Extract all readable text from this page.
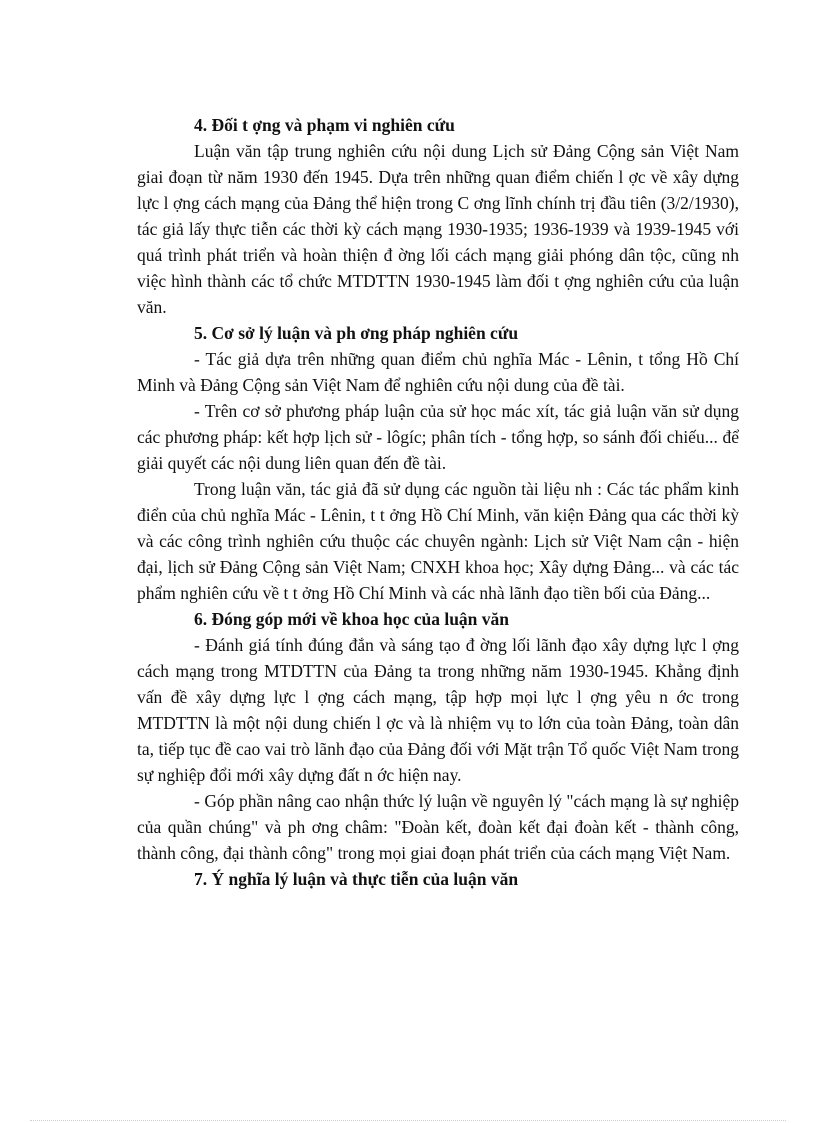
4. Đối t ợng và phạm vi nghiên cứu

Luận văn tập trung nghiên cứu nội dung Lịch sử Đảng Cộng sản Việt Nam giai đoạn từ năm 1930 đến 1945. Dựa trên những quan điểm chiến l ợc về xây dựng lực l ợng cách mạng của Đảng thể hiện trong C ơng lĩnh chính trị đầu tiên (3/2/1930), tác giả lấy thực tiễn các thời kỳ cách mạng 1930-1935; 1936-1939 và 1939-1945 với quá trình phát triển và hoàn thiện đ ờng lối cách mạng giải phóng dân tộc, cũng nh việc hình thành các tổ chức MTDTTN 1930-1945 làm đối t ợng nghiên cứu của luận văn.

5. Cơ sở lý luận và ph ơng pháp nghiên cứu

- Tác giả dựa trên những quan điểm chủ nghĩa Mác - Lênin, t tổng Hồ Chí Minh và Đảng Cộng sản Việt Nam để nghiên cứu nội dung của đề tài.

- Trên cơ sở phương pháp luận của sử học mác xít, tác giả luận văn sử dụng các phương pháp: kết hợp lịch sử - lôgíc; phân tích - tổng hợp, so sánh đối chiếu... để giải quyết các nội dung liên quan đến đề tài.

Trong luận văn, tác giả đã sử dụng các nguồn tài liệu nh : Các tác phẩm kinh điển của chủ nghĩa Mác - Lênin, t t ởng Hồ Chí Minh, văn kiện Đảng qua các thời kỳ và các công trình nghiên cứu thuộc các chuyên ngành: Lịch sử Việt Nam cận - hiện đại, lịch sử Đảng Cộng sản Việt Nam; CNXH khoa học; Xây dựng Đảng... và các tác phẩm nghiên cứu về t t ởng Hồ Chí Minh và các nhà lãnh đạo tiền bối của Đảng...

6. Đóng góp mới về khoa học của luận văn

- Đánh giá tính đúng đắn và sáng tạo đ ờng lối lãnh đạo xây dựng lực l ợng cách mạng trong MTDTTN của Đảng ta trong những năm 1930-1945. Khẳng định vấn đề xây dựng lực l ợng cách mạng, tập hợp mọi lực l ợng yêu n ớc trong MTDTTN là một nội dung chiến l ợc và là nhiệm vụ to lớn của toàn Đảng, toàn dân ta, tiếp tục đề cao vai trò lãnh đạo của Đảng đối với Mặt trận Tổ quốc Việt Nam trong sự nghiệp đổi mới xây dựng đất n ớc hiện nay.

- Góp phần nâng cao nhận thức lý luận về nguyên lý "cách mạng là sự nghiệp của quần chúng" và ph ơng châm: "Đoàn kết, đoàn kết đại đoàn kết - thành công, thành công, đại thành công" trong mọi giai đoạn phát triển của cách mạng Việt Nam.

7. Ý nghĩa lý luận và thực tiễn của luận văn
